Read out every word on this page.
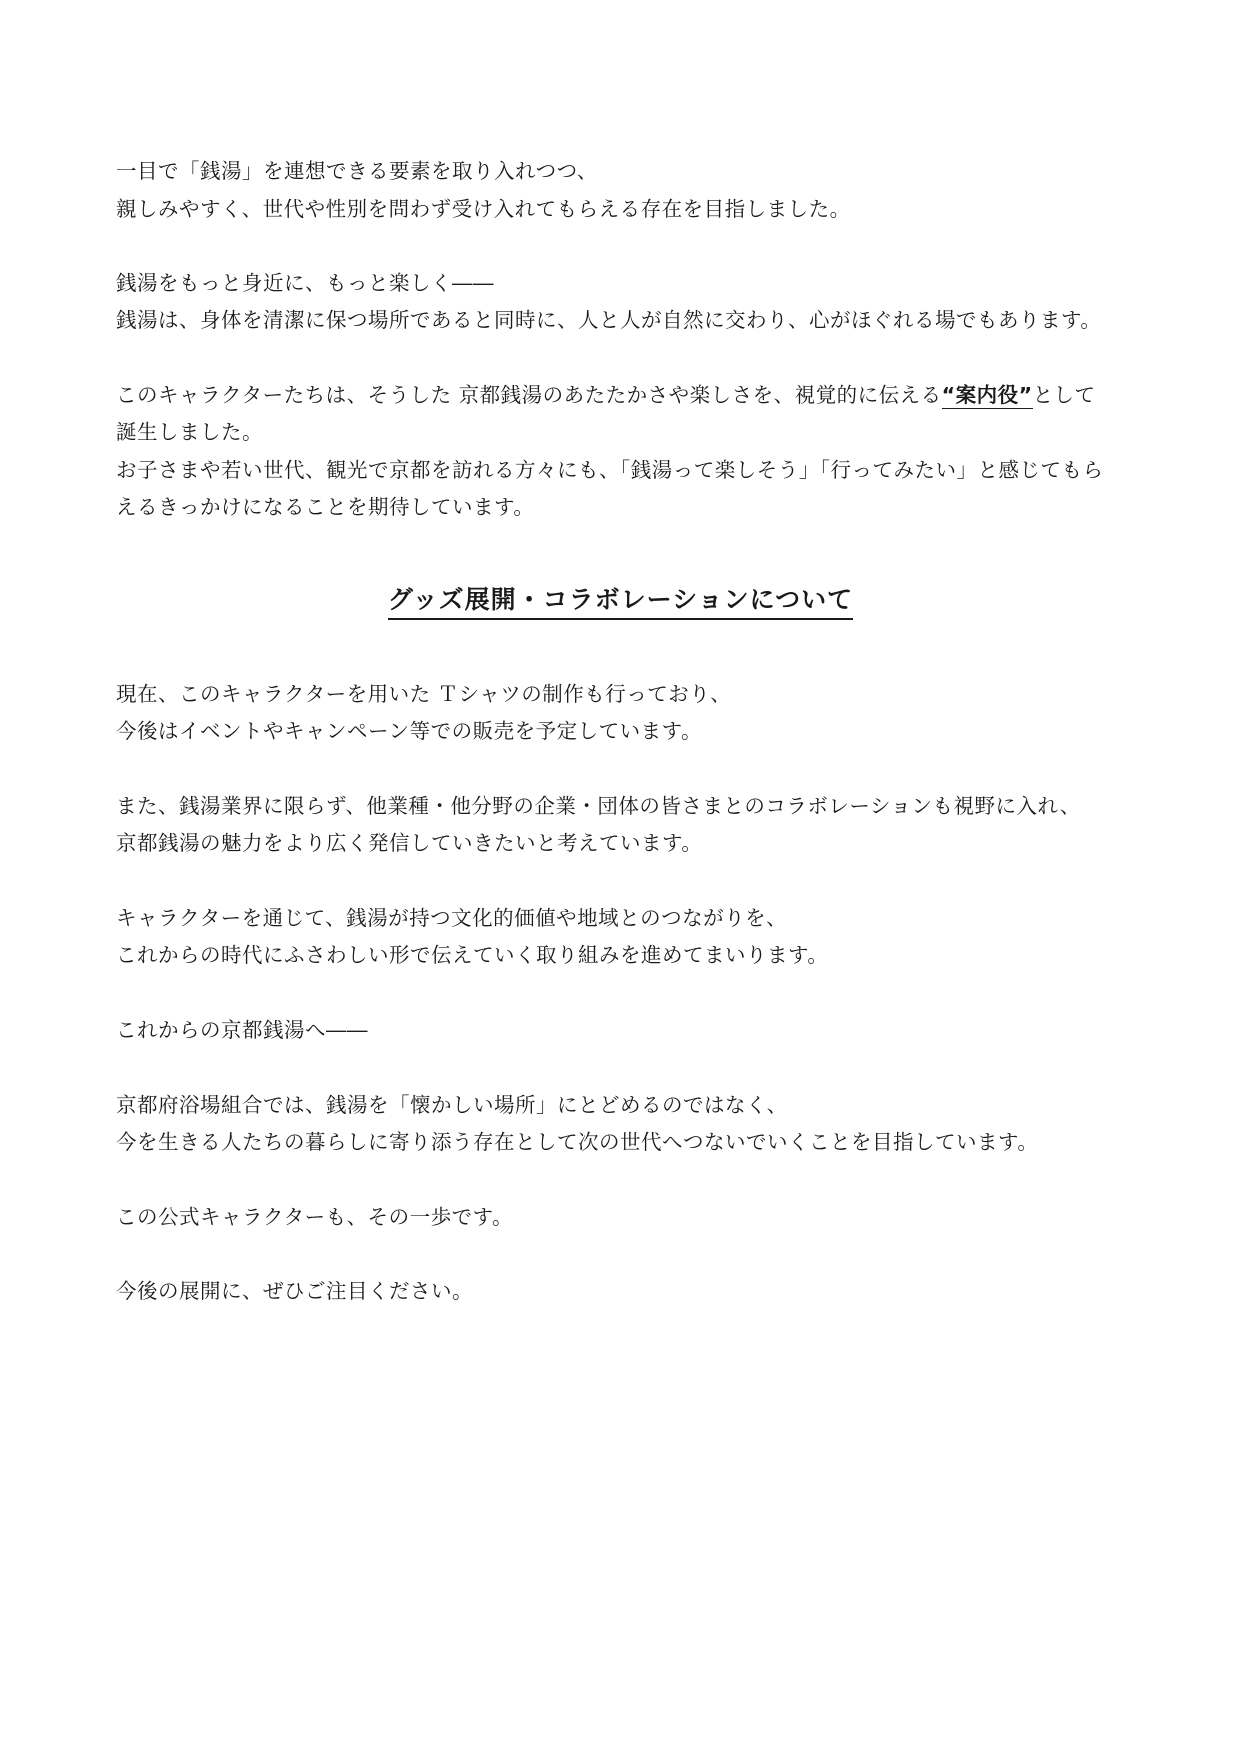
一目で「銭湯」を連想できる要素を取り入れつつ、

親しみやすく、世代や性別を問わず受け入れてもらえる存在を目指しました。

銭湯をもっと身近に、もっと楽しく――

銭湯は、身体を清潔に保つ場所であると同時に、人と人が自然に交わり、心がほぐれる場でもあります。

このキャラクターたちは、そうした 京都銭湯のあたたかさや楽しさを、視覚的に伝える“案内役”として

誕生しました。

お子さまや若い世代、観光で京都を訪れる方々にも、「銭湯って楽しそう」「行ってみたい」と感じてもら

えるきっかけになることを期待しています。

グッズ展開・コラボレーションについて

現在、このキャラクターを用いた Ｔシャツの制作も行っており、

今後はイベントやキャンペーン等での販売を予定しています。

また、銭湯業界に限らず、他業種・他分野の企業・団体の皆さまとのコラボレーションも視野に入れ、

京都銭湯の魅力をより広く発信していきたいと考えています。

キャラクターを通じて、銭湯が持つ文化的価値や地域とのつながりを、

これからの時代にふさわしい形で伝えていく取り組みを進めてまいります。

これからの京都銭湯へ――

京都府浴場組合では、銭湯を「懐かしい場所」にとどめるのではなく、

今を生きる人たちの暮らしに寄り添う存在として次の世代へつないでいくことを目指しています。

この公式キャラクターも、その一歩です。

今後の展開に、ぜひご注目ください。
